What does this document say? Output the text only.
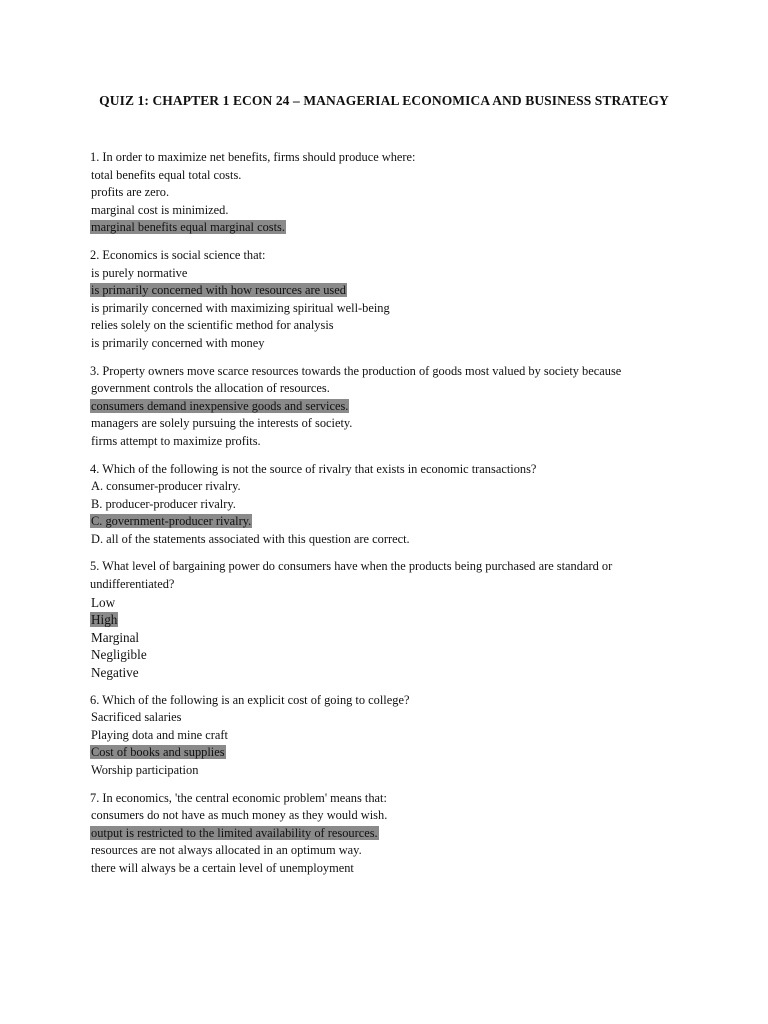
QUIZ 1: CHAPTER 1 ECON 24 – MANAGERIAL ECONOMICA AND BUSINESS STRATEGY
1. In order to maximize net benefits, firms should produce where:
total benefits equal total costs.
profits are zero.
marginal cost is minimized.
marginal benefits equal marginal costs.
2. Economics is social science that:
is purely normative
is primarily concerned with how resources are used
is primarily concerned with maximizing spiritual well-being
relies solely on the scientific method for analysis
is primarily concerned with money
3. Property owners move scarce resources towards the production of goods most valued by society because
government controls the allocation of resources.
consumers demand inexpensive goods and services.
managers are solely pursuing the interests of society.
firms attempt to maximize profits.
4. Which of the following is not the source of rivalry that exists in economic transactions?
A. consumer-producer rivalry.
B. producer-producer rivalry.
C. government-producer rivalry.
D. all of the statements associated with this question are correct.
5. What level of bargaining power do consumers have when the products being purchased are standard or undifferentiated?
Low
High
Marginal
Negligible
Negative
6. Which of the following is an explicit cost of going to college?
Sacrificed salaries
Playing dota and mine craft
Cost of books and supplies
Worship participation
7. In economics, 'the central economic problem' means that:
consumers do not have as much money as they would wish.
output is restricted to the limited availability of resources.
resources are not always allocated in an optimum way.
there will always be a certain level of unemployment
